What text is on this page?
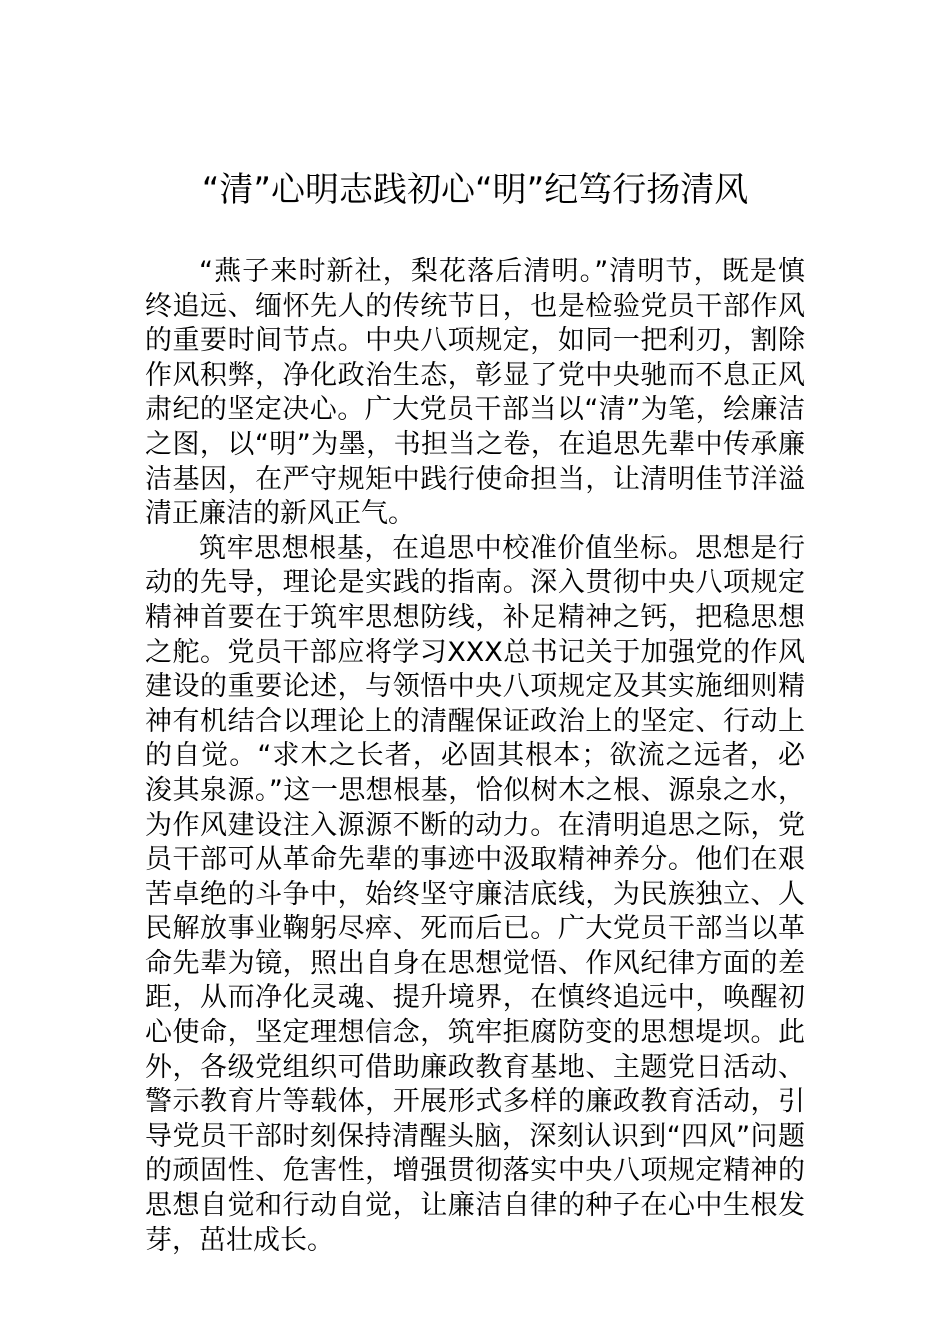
“清”心明志践初心“明”纪笃行扬清风

“燕子来时新社，梨花落后清明。”清明节，既是慎终追远、缅怀先人的传统节日，也是检验党员干部作风的重要时间节点。中央八项规定，如同一把利刃，割除作风积弊，净化政治生态，彰显了党中央驰而不息正风肃纪的坚定决心。广大党员干部当以“清”为笔，绘廉洁之图，以“明”为墨，书担当之卷，在追思先辈中传承廉洁基因，在严守规矩中践行使命担当，让清明佳节洋溢清正廉洁的新风正气。

筑牢思想根基，在追思中校准价值坐标。思想是行动的先导，理论是实践的指南。深入贯彻中央八项规定精神首要在于筑牢思想防线，补足精神之钙，把稳思想之舵。党员干部应将学习XXX总书记关于加强党的作风建设的重要论述，与领悟中央八项规定及其实施细则精神有机结合以理论上的清醒保证政治上的坚定、行动上的自觉。“求木之长者，必固其根本；欲流之远者，必浚其泉源。”这一思想根基，恰似树木之根、源泉之水，为作风建设注入源源不断的动力。在清明追思之际，党员干部可从革命先辈的事迹中汲取精神养分。他们在艰苦卓绝的斗争中，始终坚守廉洁底线，为民族独立、人民解放事业鞠躬尽瘁、死而后已。广大党员干部当以革命先辈为镜，照出自身在思想觉悟、作风纪律方面的差距，从而净化灵魂、提升境界，在慎终追远中，唤醒初心使命，坚定理想信念，筑牢拒腐防变的思想堤坝。此外，各级党组织可借助廉政教育基地、主题党日活动、警示教育片等载体，开展形式多样的廉政教育活动，引导党员干部时刻保持清醒头脑，深刻认识到“四风”问题的顽固性、危害性，增强贯彻落实中央八项规定精神的思想自觉和行动自觉，让廉洁自律的种子在心中生根发芽，茁壮成长。
